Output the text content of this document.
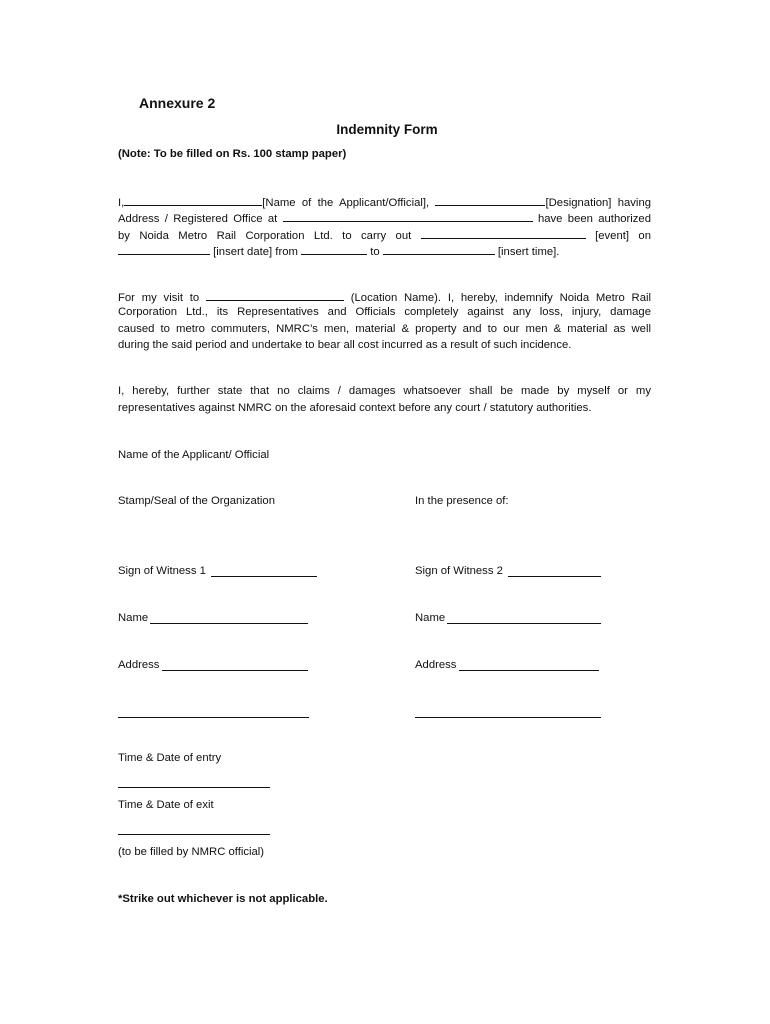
Annexure 2
Indemnity Form
(Note: To be filled on Rs. 100 stamp paper)
I,	[Name of the Applicant/Official],	[Designation] having
Address / Registered Office at	have been authorized
by Noida Metro Rail Corporation Ltd. to carry out	[event] on
[insert date] from	to	[insert time].
For my visit to	(Location Name). I, hereby, indemnify Noida Metro Rail
Corporation Ltd., its Representatives and Officials completely against any loss, injury, damage
caused to metro commuters, NMRC’s men, material & property and to our men & material as well
during the said period and undertake to bear all cost incurred as a result of such incidence.
I, hereby, further state that no claims / damages whatsoever shall be made by myself or my
representatives against NMRC on the aforesaid context before any court / statutory authorities.
Name of the Applicant/ Official
Stamp/Seal of the Organization	In the presence of:
Sign of Witness 1	Sign of Witness 2
Name	Name
Address	Address
Time & Date of entry
Time & Date of exit
(to be filled by NMRC official)
*Strike out whichever is not applicable.
